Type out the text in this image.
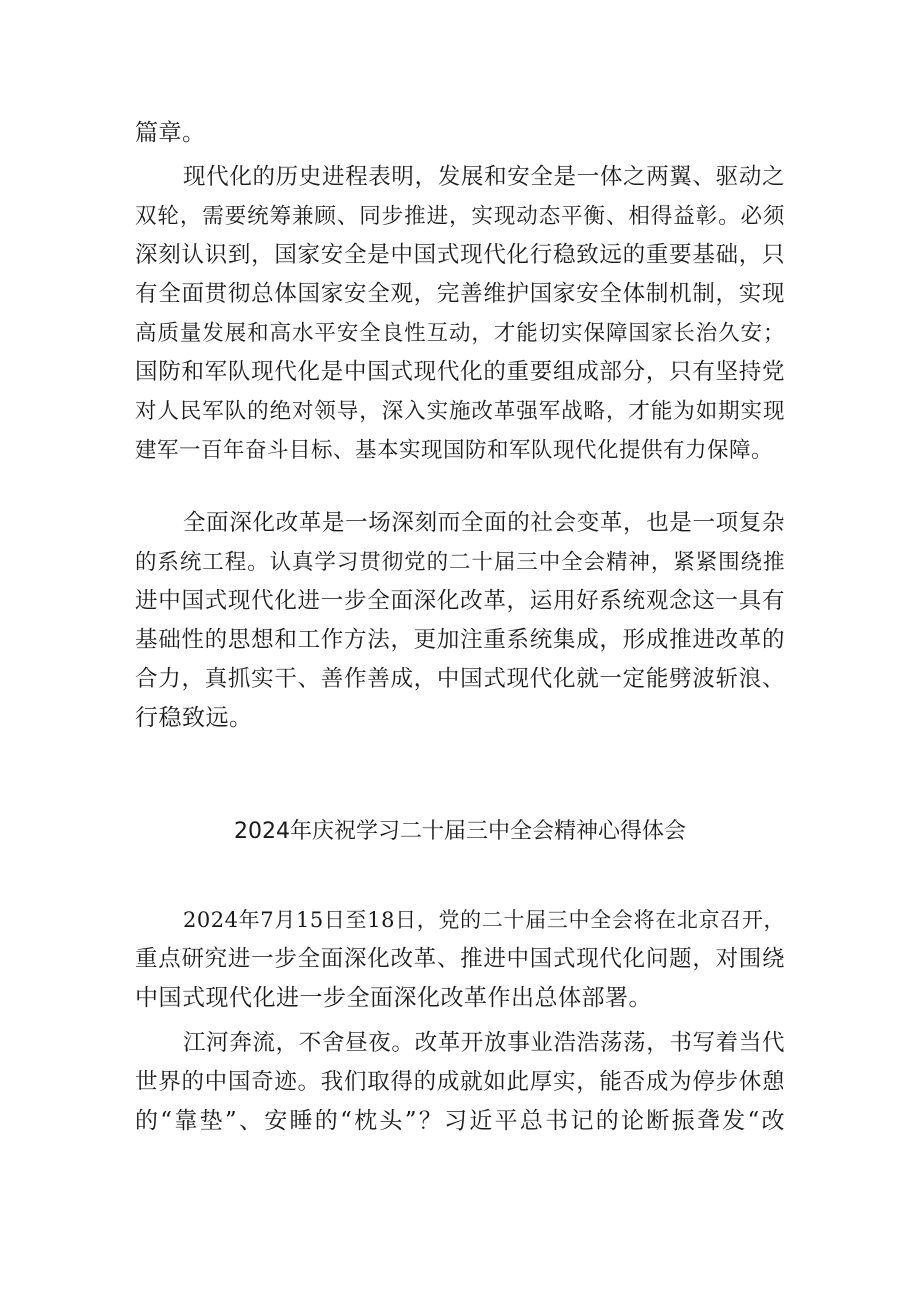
篇章。
现代化的历史进程表明，发展和安全是一体之两翼、驱动之
双轮，需要统筹兼顾、同步推进，实现动态平衡、相得益彰。必须
深刻认识到，国家安全是中国式现代化行稳致远的重要基础，只
有全面贯彻总体国家安全观，完善维护国家安全体制机制，实现
高质量发展和高水平安全良性互动，才能切实保障国家长治久安；
国防和军队现代化是中国式现代化的重要组成部分，只有坚持党
对人民军队的绝对领导，深入实施改革强军战略，才能为如期实现
建军一百年奋斗目标、基本实现国防和军队现代化提供有力保障。
全面深化改革是一场深刻而全面的社会变革，也是一项复杂
的系统工程。认真学习贯彻党的二十届三中全会精神，紧紧围绕推
进中国式现代化进一步全面深化改革，运用好系统观念这一具有
基础性的思想和工作方法，更加注重系统集成，形成推进改革的
合力，真抓实干、善作善成，中国式现代化就一定能劈波斩浪、
行稳致远。
2024年庆祝学习二十届三中全会精神心得体会
2024年7月15日至18日，党的二十届三中全会将在北京召开，
重点研究进一步全面深化改革、推进中国式现代化问题，对围绕
中国式现代化进一步全面深化改革作出总体部署。
江河奔流，不舍昼夜。改革开放事业浩浩荡荡，书写着当代
世界的中国奇迹。我们取得的成就如此厚实，能否成为停步休憩
的“靠垫”、安睡的“枕头”？习近平总书记的论断振聋发“改
